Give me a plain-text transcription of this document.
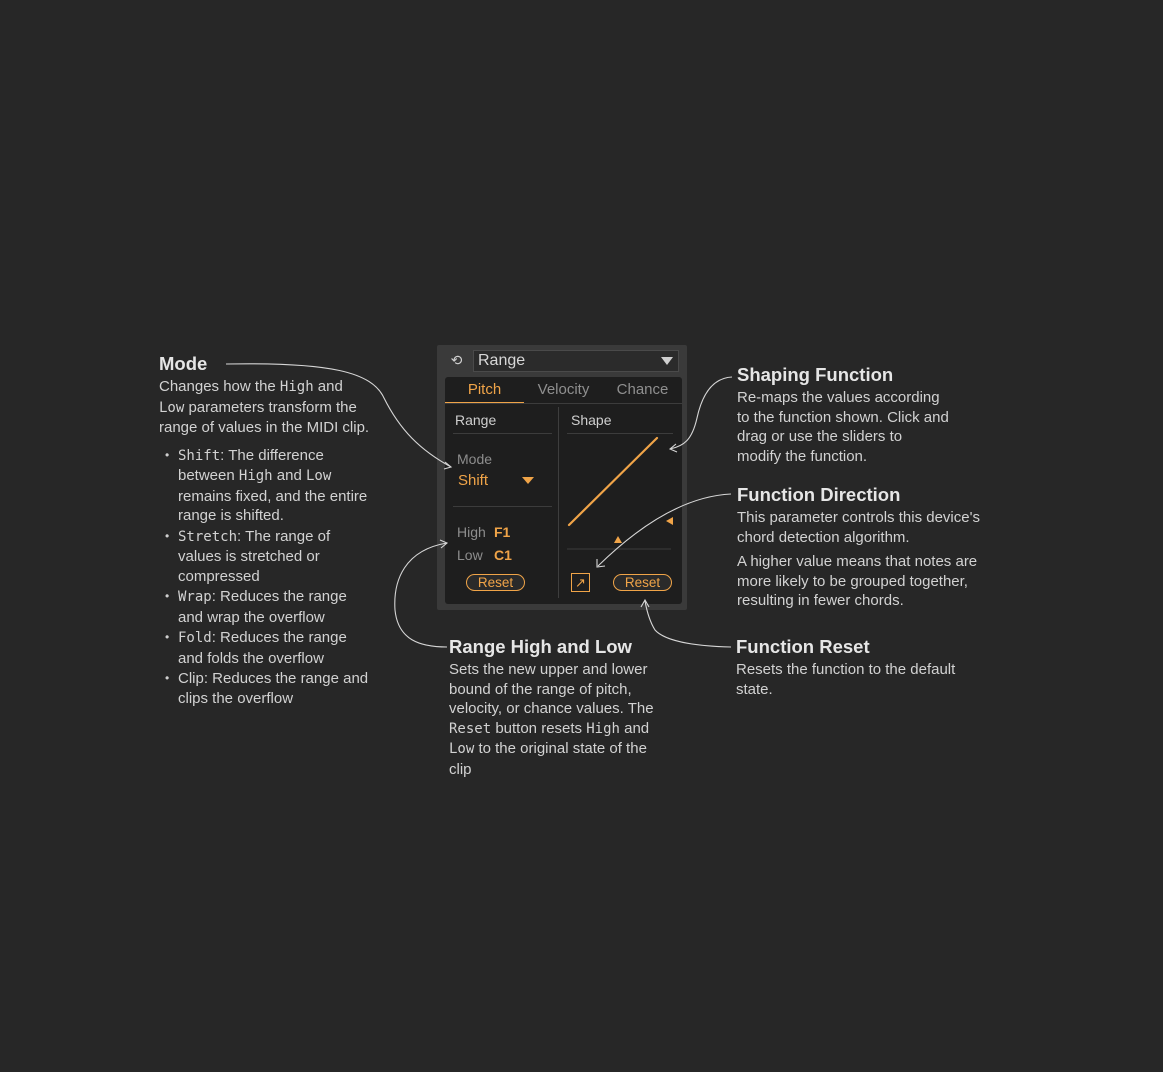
⟲ Range
Pitch	Velocity	Chance
Range	Shape
Mode
Shift
High F1
Low C1
Reset	↗	Reset
Mode

Changes how the High and
Low parameters transform the
range of values in the MIDI clip.

• Shift: The difference
between High and Low
remains fixed, and the entire
range is shifted.
• Stretch: The range of
values is stretched or
compressed
• Wrap: Reduces the range
and wrap the overflow
• Fold: Reduces the range
and folds the overflow
• Clip: Reduces the range and
clips the overflow
Shaping Function

Re-maps the values according
to the function shown. Click and
drag or use the sliders to
modify the function.

Function Direction

This parameter controls this device's
chord detection algorithm.

A higher value means that notes are
more likely to be grouped together,
resulting in fewer chords.

Range High and Low

Sets the new upper and lower
bound of the range of pitch,
velocity, or chance values. The
Reset button resets High and
Low to the original state of the
clip

Function Reset

Resets the function to the default
state.
